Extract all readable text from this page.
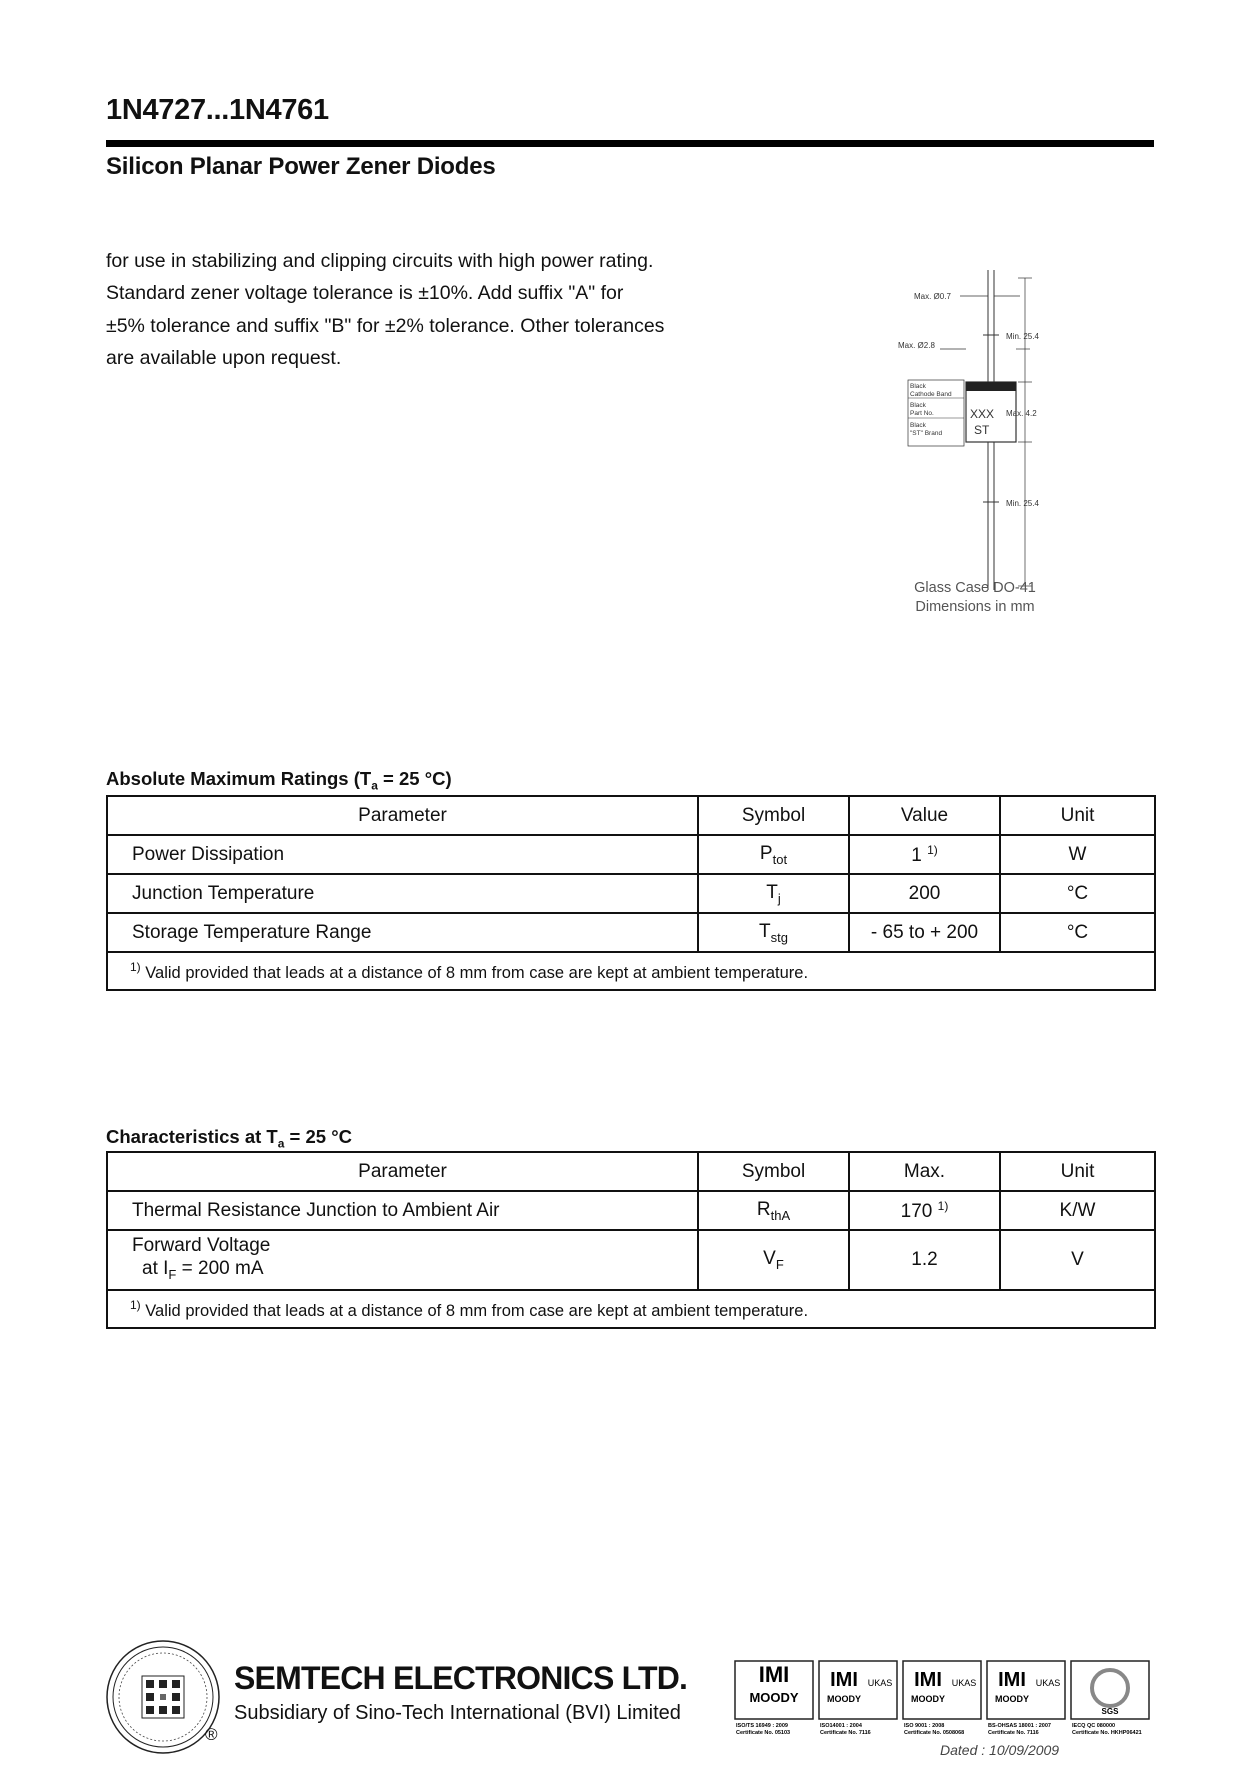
1N4727...1N4761
Silicon Planar Power Zener Diodes
for use in stabilizing and clipping circuits with high power rating. Standard zener voltage tolerance is ±10%. Add suffix "A" for ±5% tolerance and suffix "B" for ±2% tolerance. Other tolerances are available upon request.
Max. Ø0.7
Min. 25.4
Max. Ø2.8
Max. 4.2
Min. 25.4
Black
Cathode Band
Black
Part No.
Black
"ST" Brand
XXX
ST
Glass Case DO-41
Dimensions in mm
Absolute Maximum Ratings ($T_a = 25$ °C)
Parameter	Symbol	Value	Unit
Power Dissipation	$P_{tot}$	1 $^{1)}$	W
Junction Temperature	$T_j$	200	°C
Storage Temperature Range	$T_{stg}$	- 65 to + 200	°C
$^{1)}$ Valid provided that leads at a distance of 8 mm from case are kept at ambient temperature.			
Characteristics at $T_a = 25$ °C
Parameter	Symbol	Max.	Unit
Thermal Resistance Junction to Ambient Air	$R_{thA}$	170 $^{1)}$	K/W

Forward Voltage
at $I_F = 200$ mA	$V_F$	1.2	V
$^{1)}$ Valid provided that leads at a distance of 8 mm from case are kept at ambient temperature.			
®
SEMTECH ELECTRONICS LTD.
Subsidiary of Sino-Tech International (BVI) Limited
IMI
MOODY
ISO/TS 16949 : 2009
Certificate No. 05103
IMI
MOODY
UKAS
ISO14001 : 2004
Certificate No. 7116
IMI
MOODY
UKAS
ISO 9001 : 2008
Certificate No. 0508068
IMI
MOODY
UKAS
BS-OHSAS 18001 : 2007
Certificate No. 7116
SGS
IECQ QC 080000
Certificate No. HKHP06421
Dated : 10/09/2009
